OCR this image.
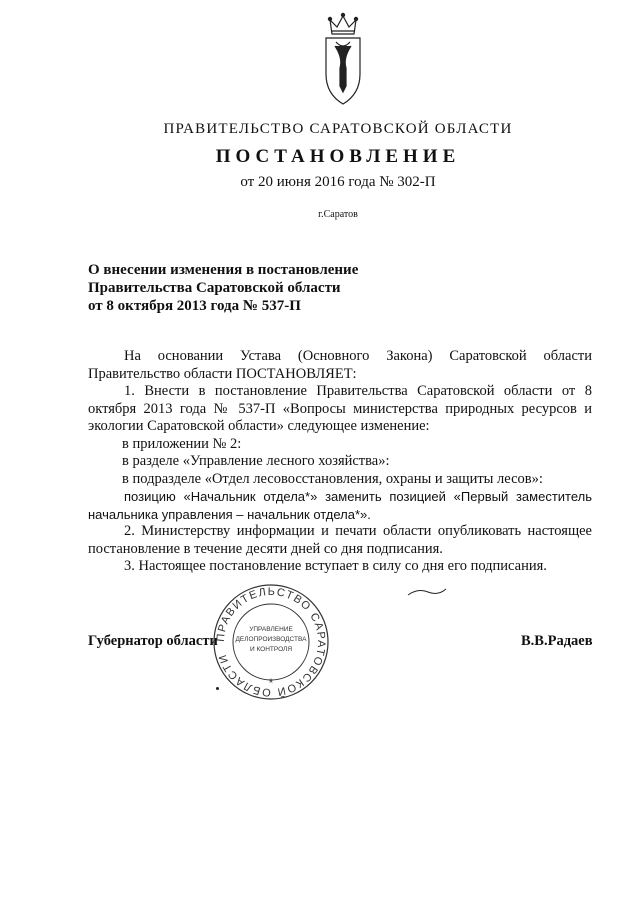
ПРАВИТЕЛЬСТВО САРАТОВСКОЙ ОБЛАСТИ
ПОСТАНОВЛЕНИЕ
от 20 июня 2016 года № 302-П
г.Саратов
О внесении изменения в постановление
Правительства Саратовской области
от 8 октября 2013 года № 537-П

На основании Устава (Основного Закона) Саратовской области Правительство области ПОСТАНОВЛЯЕТ:

1. Внести в постановление Правительства Саратовской области от 8 октября 2013 года № 537-П «Вопросы министерства природных ресурсов и экологии Саратовской области» следующее изменение:

в приложении № 2:

в разделе «Управление лесного хозяйства»:

в подразделе «Отдел лесовосстановления, охраны и защиты лесов»:

позицию «Начальник отдела*» заменить позицией «Первый заместитель начальника управления – начальник отдела*».

2. Министерству информации и печати области опубликовать настоящее постановление в течение десяти дней со дня подписания.

3. Настоящее постановление вступает в силу со дня его подписания.

Губернатор области	В.В.Радаев
ПРАВИТЕЛЬСТВО САРАТОВСКОЙ ОБЛАСТИ
УПРАВЛЕНИЕ
ДЕЛОПРОИЗВОДСТВА
И КОНТРОЛЯ
*
